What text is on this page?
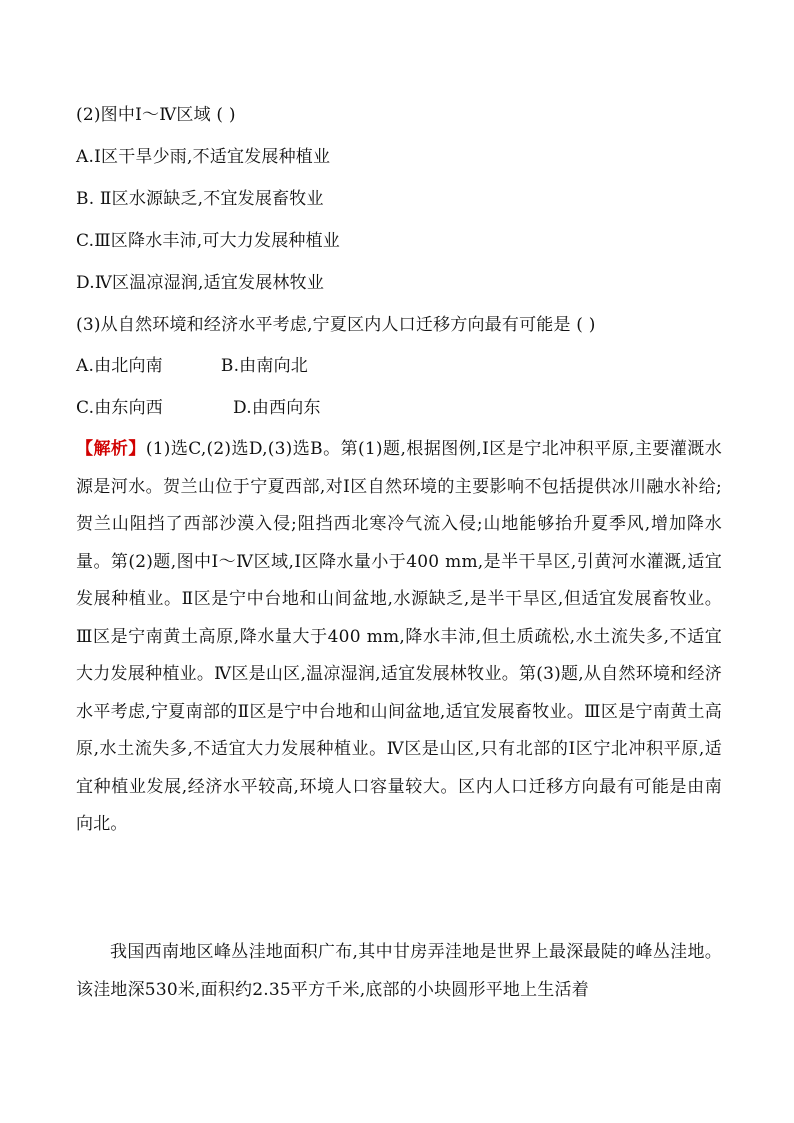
(2)图中Ⅰ～Ⅳ区域 ( )
A.Ⅰ区干旱少雨,不适宜发展种植业
B. Ⅱ区水源缺乏,不宜发展畜牧业
C.Ⅲ区降水丰沛,可大力发展种植业
D.Ⅳ区温凉湿润,适宜发展林牧业
(3)从自然环境和经济水平考虑,宁夏区内人口迁移方向最有可能是 ( )
A.由北向南	B.由南向北
C.由东向西	D.由西向东
【解析】(1)选C,(2)选D,(3)选B。第(1)题,根据图例,Ⅰ区是宁北冲积平原,主要灌溉水源是河水。贺兰山位于宁夏西部,对Ⅰ区自然环境的主要影响不包括提供冰川融水补给;贺兰山阻挡了西部沙漠入侵;阻挡西北寒冷气流入侵;山地能够抬升夏季风,增加降水量。第(2)题,图中Ⅰ～Ⅳ区域,Ⅰ区降水量小于400 mm,是半干旱区,引黄河水灌溉,适宜发展种植业。Ⅱ区是宁中台地和山间盆地,水源缺乏,是半干旱区,但适宜发展畜牧业。Ⅲ区是宁南黄土高原,降水量大于400 mm,降水丰沛,但土质疏松,水土流失多,不适宜大力发展种植业。Ⅳ区是山区,温凉湿润,适宜发展林牧业。第(3)题,从自然环境和经济水平考虑,宁夏南部的Ⅱ区是宁中台地和山间盆地,适宜发展畜牧业。Ⅲ区是宁南黄土高原,水土流失多,不适宜大力发展种植业。Ⅳ区是山区,只有北部的Ⅰ区宁北冲积平原,适宜种植业发展,经济水平较高,环境人口容量较大。区内人口迁移方向最有可能是由南向北。
我国西南地区峰丛洼地面积广布,其中甘房弄洼地是世界上最深最陡的峰丛洼地。该洼地深530米,面积约2.35平方千米,底部的小块圆形平地上生活着
